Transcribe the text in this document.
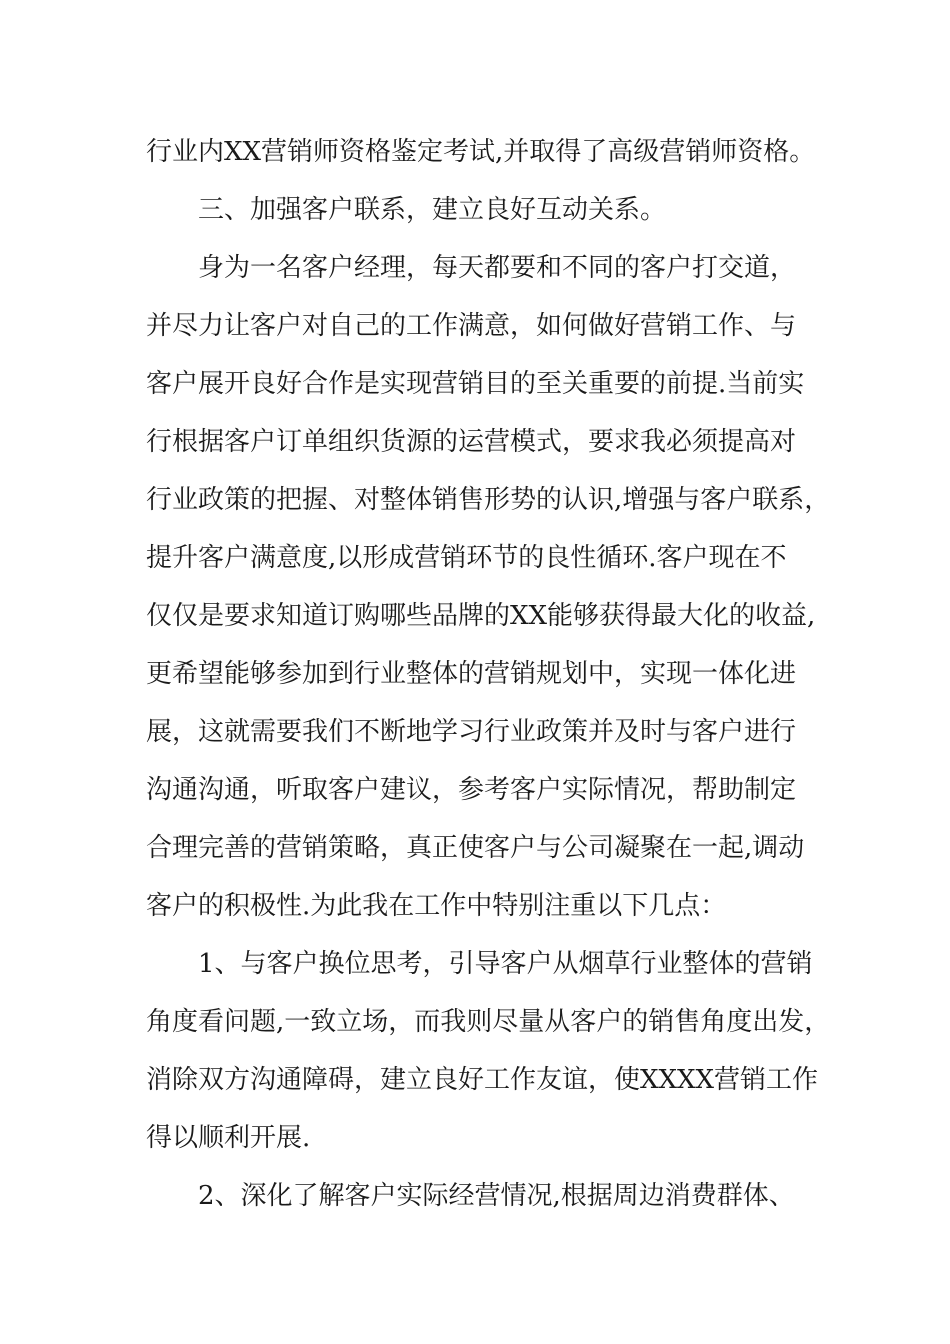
行业内XX营销师资格鉴定考试,并取得了高级营销师资格。
三、加强客户联系，建立良好互动关系。
身为一名客户经理，每天都要和不同的客户打交道，
并尽力让客户对自己的工作满意，如何做好营销工作、与
客户展开良好合作是实现营销目的至关重要的前提.当前实
行根据客户订单组织货源的运营模式，要求我必须提高对
行业政策的把握、对整体销售形势的认识,增强与客户联系，
提升客户满意度,以形成营销环节的良性循环.客户现在不
仅仅是要求知道订购哪些品牌的XX能够获得最大化的收益,
更希望能够参加到行业整体的营销规划中，实现一体化进
展，这就需要我们不断地学习行业政策并及时与客户进行
沟通沟通，听取客户建议，参考客户实际情况，帮助制定
合理完善的营销策略，真正使客户与公司凝聚在一起,调动
客户的积极性.为此我在工作中特别注重以下几点：
1、与客户换位思考，引导客户从烟草行业整体的营销
角度看问题,一致立场，而我则尽量从客户的销售角度出发，
消除双方沟通障碍，建立良好工作友谊，使XXXX营销工作
得以顺利开展.
2、深化了解客户实际经营情况,根据周边消费群体、
